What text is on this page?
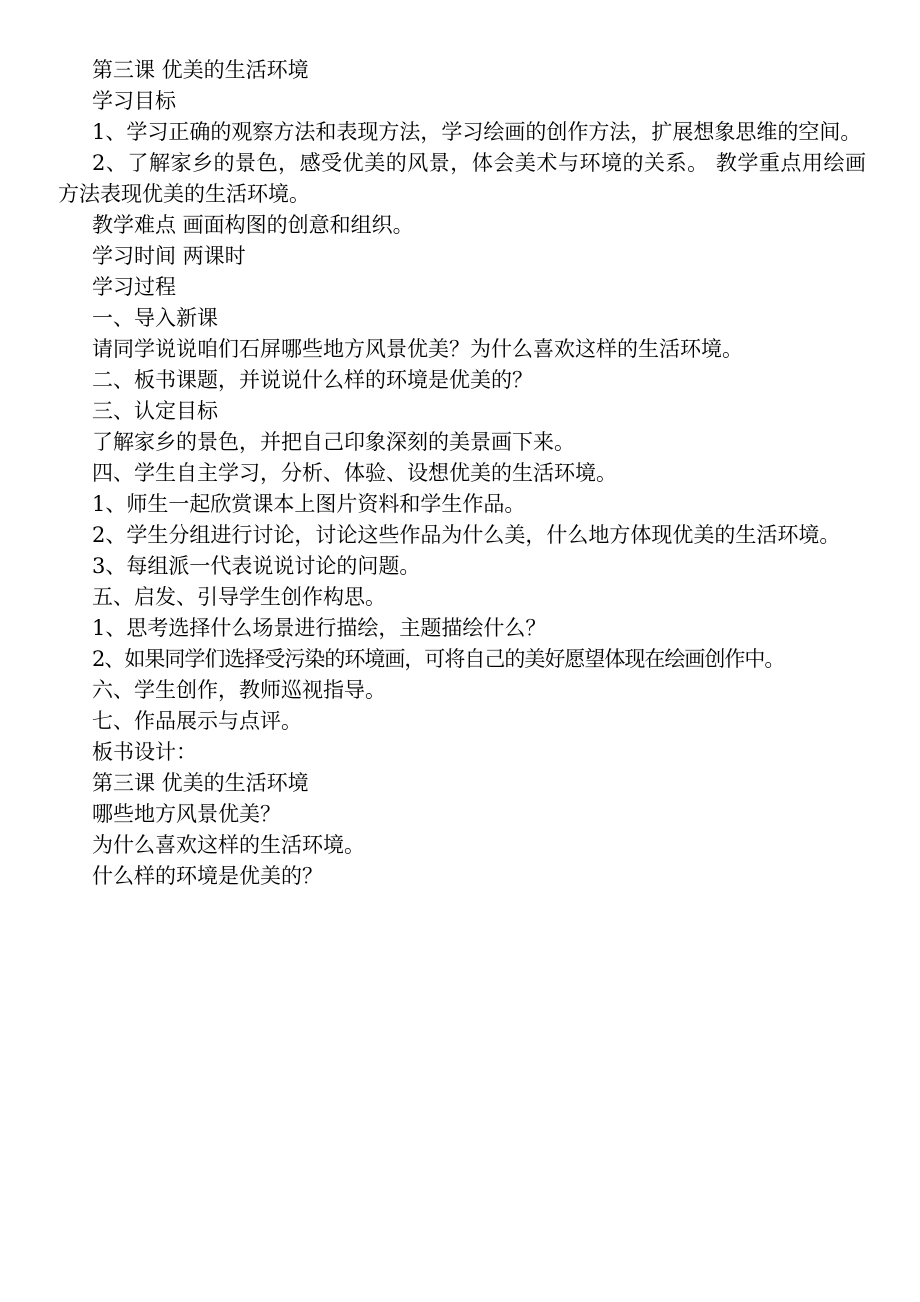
第三课 优美的生活环境

学习目标

1、学习正确的观察方法和表现方法，学习绘画的创作方法，扩展想象思维的空间。

2、了解家乡的景色，感受优美的风景，体会美术与环境的关系。 教学重点用绘画方法表现优美的生活环境。

教学难点 画面构图的创意和组织。

学习时间 两课时

学习过程

一、导入新课

请同学说说咱们石屏哪些地方风景优美？为什么喜欢这样的生活环境。

二、板书课题，并说说什么样的环境是优美的？

三、认定目标

了解家乡的景色，并把自己印象深刻的美景画下来。

四、学生自主学习，分析、体验、设想优美的生活环境。

1、师生一起欣赏课本上图片资料和学生作品。

2、学生分组进行讨论，讨论这些作品为什么美，什么地方体现优美的生活环境。

3、每组派一代表说说讨论的问题。

五、启发、引导学生创作构思。

1、思考选择什么场景进行描绘，主题描绘什么？

2、如果同学们选择受污染的环境画，可将自己的美好愿望体现在绘画创作中。

六、学生创作，教师巡视指导。

七、作品展示与点评。

板书设计：

第三课 优美的生活环境

哪些地方风景优美？

为什么喜欢这样的生活环境。

什么样的环境是优美的？
